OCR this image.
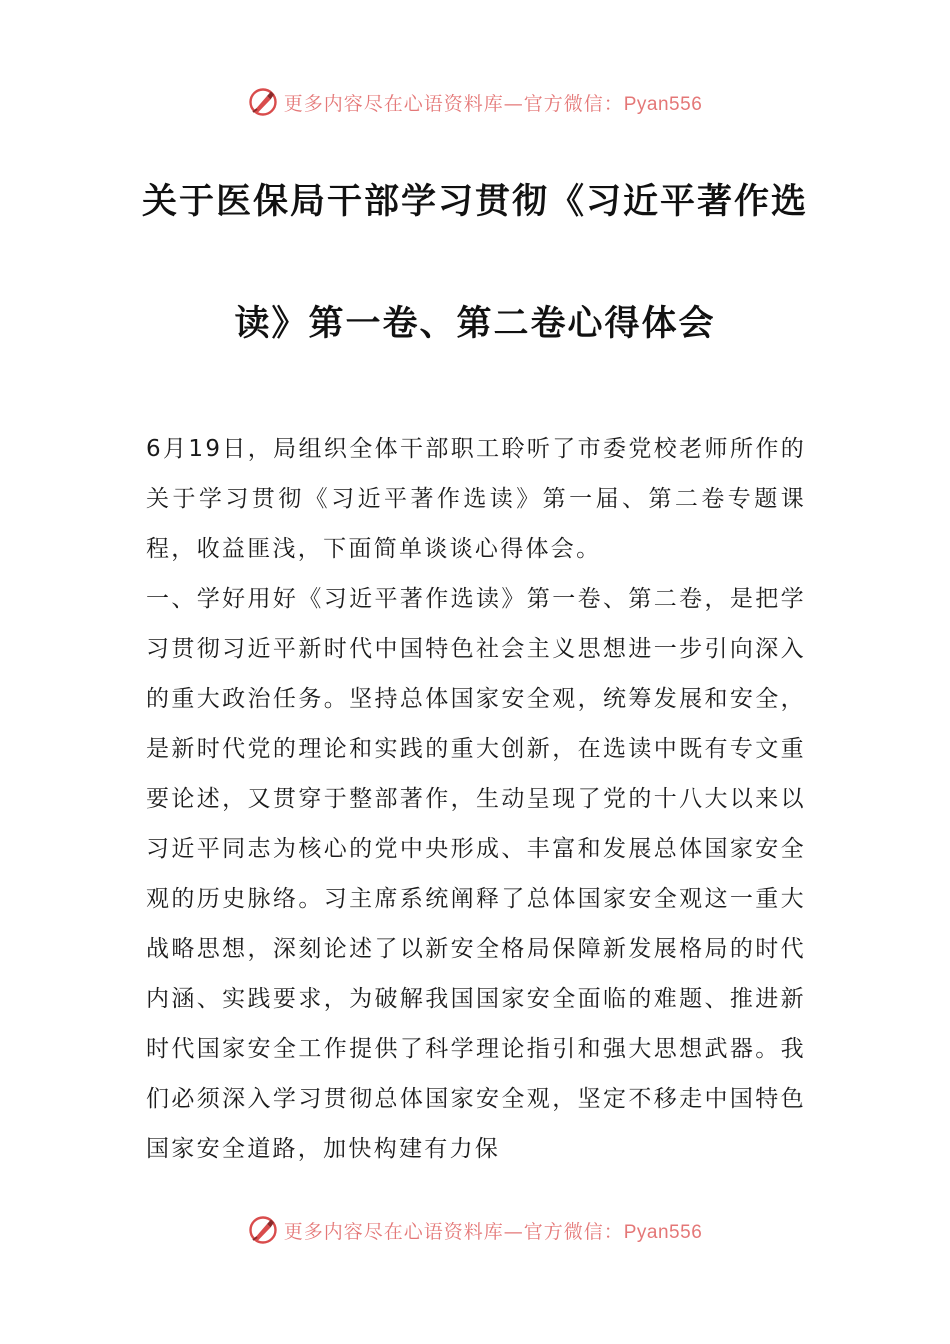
更多内容尽在心语资料库—官方微信：Pyan556
关于医保局干部学习贯彻《习近平著作选
读》第一卷、第二卷心得体会

6月19日，局组织全体干部职工聆听了市委党校老师所作的关于学习贯彻《习近平著作选读》第一届、第二卷专题课程，收益匪浅，下面简单谈谈心得体会。

一、学好用好《习近平著作选读》第一卷、第二卷，是把学习贯彻习近平新时代中国特色社会主义思想进一步引向深入的重大政治任务。坚持总体国家安全观，统筹发展和安全，是新时代党的理论和实践的重大创新，在选读中既有专文重要论述，又贯穿于整部著作，生动呈现了党的十八大以来以习近平同志为核心的党中央形成、丰富和发展总体国家安全观的历史脉络。习主席系统阐释了总体国家安全观这一重大战略思想，深刻论述了以新安全格局保障新发展格局的时代内涵、实践要求，为破解我国国家安全面临的难题、推进新时代国家安全工作提供了科学理论指引和强大思想武器。我们必须深入学习贯彻总体国家安全观，坚定不移走中国特色国家安全道路，加快构建有力保

更多内容尽在心语资料库—官方微信：Pyan556
